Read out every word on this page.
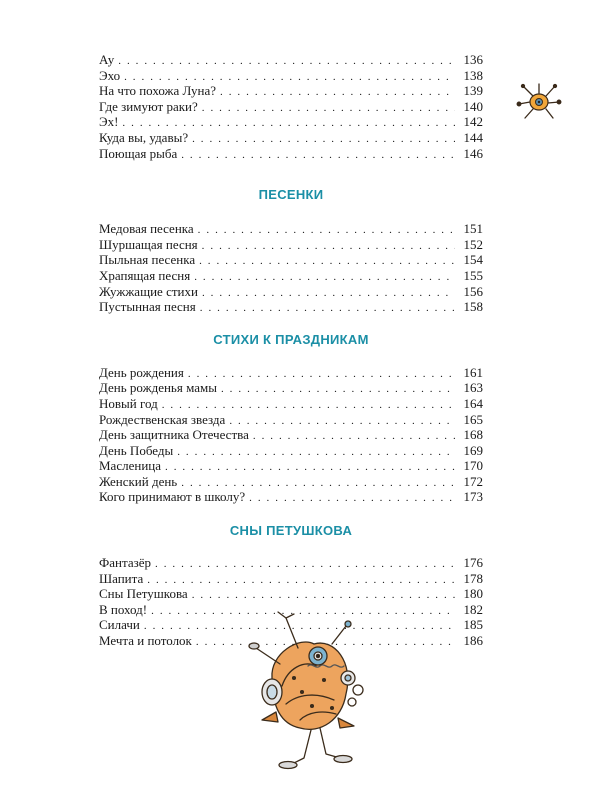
Ау . . .	136
Эхо . . .	138
На что похожа Луна? . . .	139
Где зимуют раки? . . .	140
Эх! . . .	142
Куда вы, удавы? . . .	144
Поющая рыба . . .	146
ПЕСЕНКИ
Медовая песенка . . .	151
Шуршащая песня . . .	152
Пыльная песенка . . .	154
Храпящая песня . . .	155
Жужжащие стихи . . .	156
Пустынная песня . . .	158
СТИХИ К ПРАЗДНИКАМ
День рождения . . .	161
День рожденья мамы . . .	163
Новый год . . .	164
Рождественская звезда . . .	165
День защитника Отечества . . .	168
День Победы . . .	169
Масленица . . .	170
Женский день . . .	172
Кого принимают в школу? . . .	173
СНЫ ПЕТУШКОВА
Фантазёр . . .	176
Шапита . . .	178
Сны Петушкова . . .	180
В поход! . . .	182
Силачи . . .	185
Мечта и потолок . . .	186
